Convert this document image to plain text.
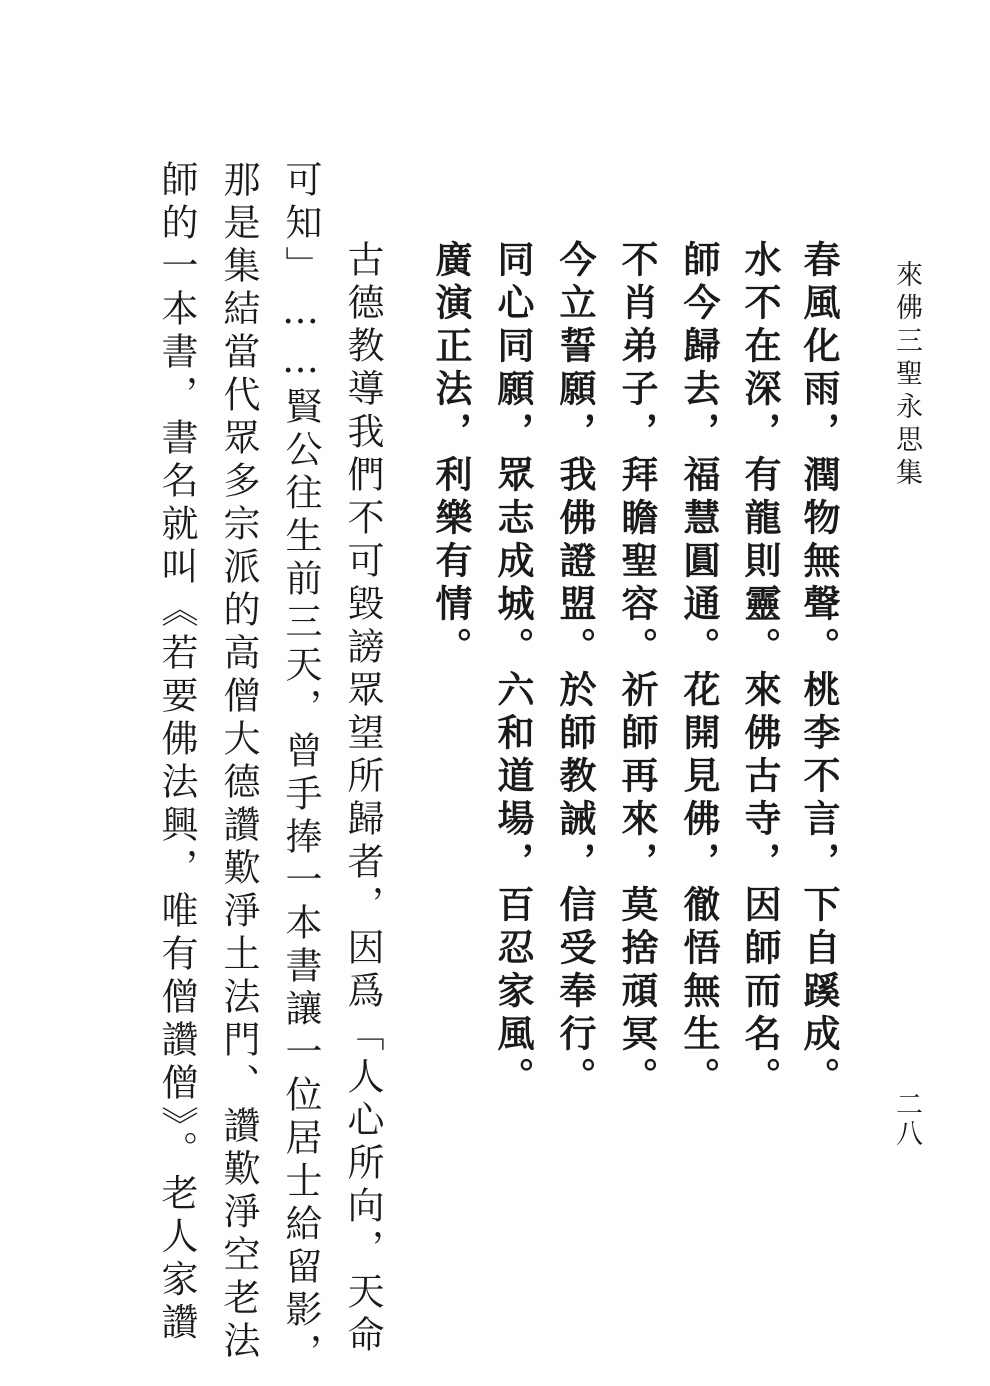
來佛三聖永思集
二八
春風化雨，潤物無聲。桃李不言，下自蹊成。
水不在深，有龍則靈。來佛古寺，因師而名。
師今歸去，福慧圓通。花開見佛，徹悟無生。
不肖弟子，拜瞻聖容。祈師再來，莫捨頑冥。
今立誓願，我佛證盟。於師教誡，信受奉行。
同心同願，眾志成城。六和道場，百忍家風。
廣演正法，利樂有情。
古德教導我們不可毀謗眾望所歸者，因爲「人心所向，天命
可知」……賢公往生前三天，曾手捧一本書讓一位居士給留影，
那是集結當代眾多宗派的高僧大德讚歎淨土法門、讚歎淨空老法
師的一本書，書名就叫《若要佛法興，唯有僧讚僧》。老人家讚
